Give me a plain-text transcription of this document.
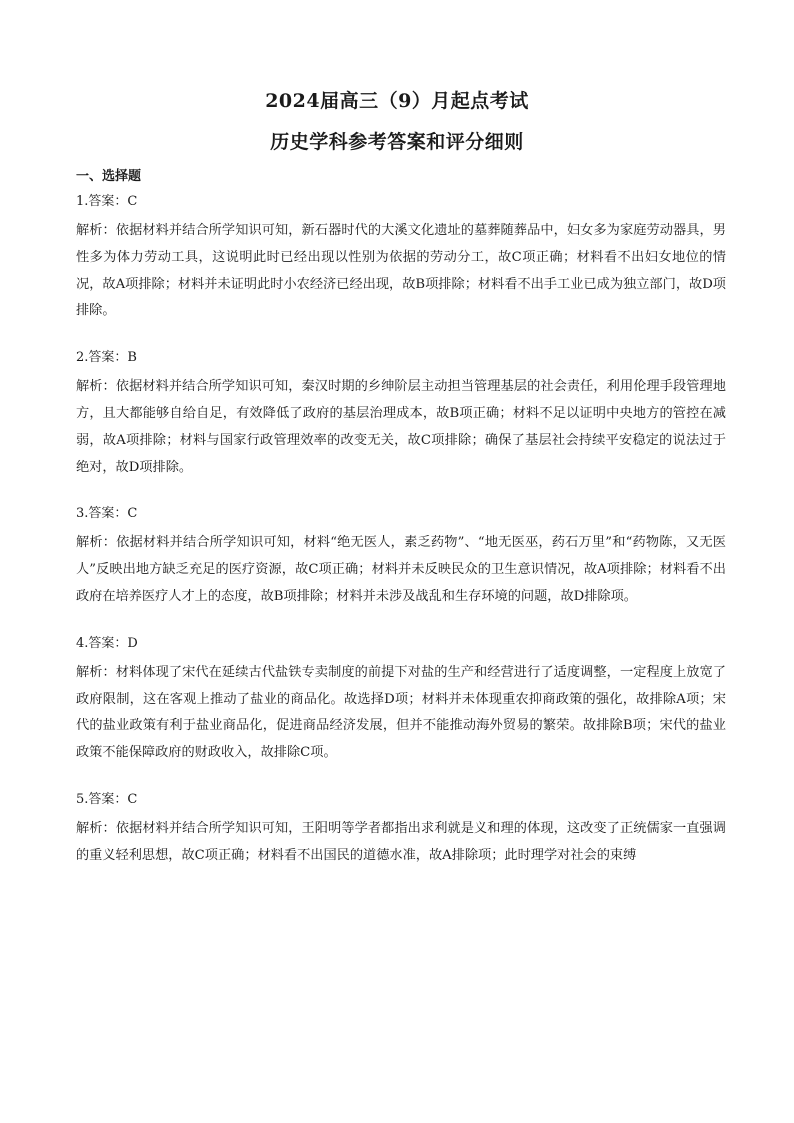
2024届高三（9）月起点考试
历史学科参考答案和评分细则
一、选择题
1.答案：C
解析：依据材料并结合所学知识可知，新石器时代的大溪文化遗址的墓葬随葬品中，妇女多为家庭劳动器具，男性多为体力劳动工具，这说明此时已经出现以性别为依据的劳动分工，故C项正确；材料看不出妇女地位的情况，故A项排除；材料并未证明此时小农经济已经出现，故B项排除；材料看不出手工业已成为独立部门，故D项排除。
2.答案：B
解析：依据材料并结合所学知识可知，秦汉时期的乡绅阶层主动担当管理基层的社会责任，利用伦理手段管理地方，且大都能够自给自足，有效降低了政府的基层治理成本，故B项正确；材料不足以证明中央地方的管控在减弱，故A项排除；材料与国家行政管理效率的改变无关，故C项排除；确保了基层社会持续平安稳定的说法过于绝对，故D项排除。
3.答案：C
解析：依据材料并结合所学知识可知，材料“绝无医人，素乏药物”、“地无医巫，药石万里”和“药物陈，又无医人”反映出地方缺乏充足的医疗资源，故C项正确；材料并未反映民众的卫生意识情况，故A项排除；材料看不出政府在培养医疗人才上的态度，故B项排除；材料并未涉及战乱和生存环境的问题，故D排除项。
4.答案：D
解析：材料体现了宋代在延续古代盐铁专卖制度的前提下对盐的生产和经营进行了适度调整，一定程度上放宽了政府限制，这在客观上推动了盐业的商品化。故选择D项；材料并未体现重农抑商政策的强化，故排除A项；宋代的盐业政策有利于盐业商品化，促进商品经济发展，但并不能推动海外贸易的繁荣。故排除B项；宋代的盐业政策不能保障政府的财政收入，故排除C项。
5.答案：C
解析：依据材料并结合所学知识可知，王阳明等学者都指出求利就是义和理的体现，这改变了正统儒家一直强调的重义轻利思想，故C项正确；材料看不出国民的道德水准，故A排除项；此时理学对社会的束缚
